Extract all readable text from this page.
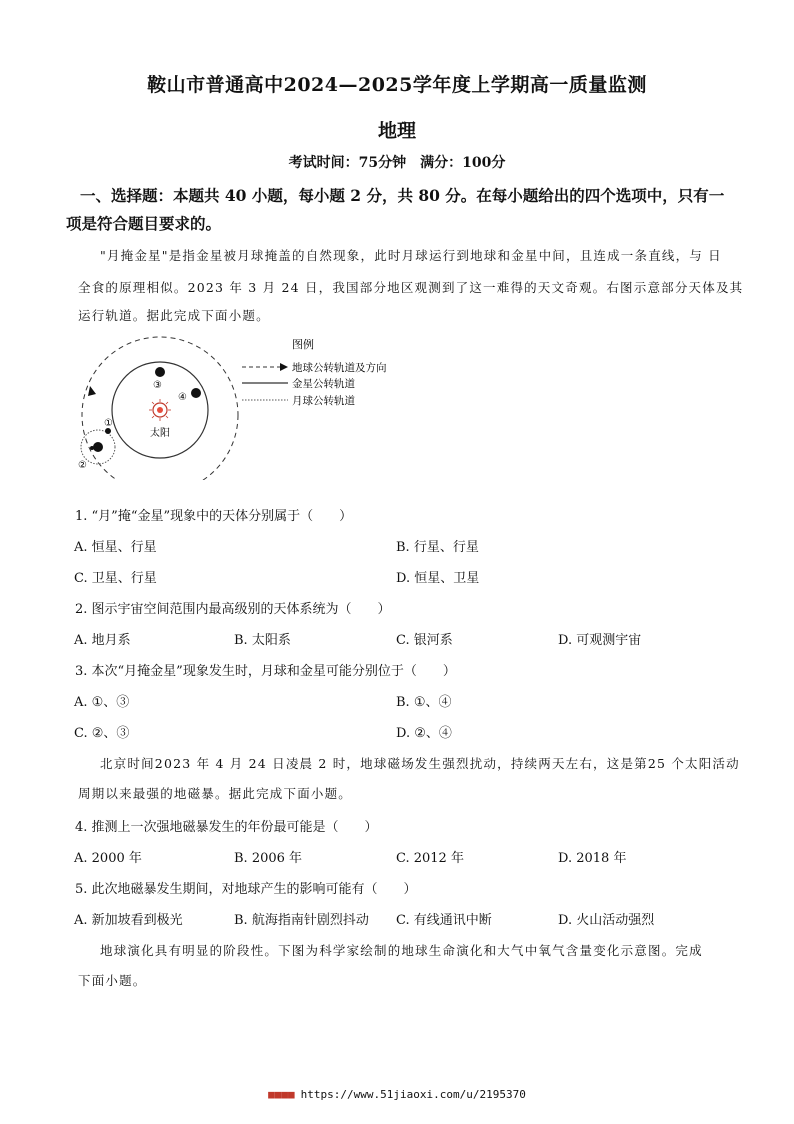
鞍山市普通高中2024—2025学年度上学期高一质量监测
地理
考试时间：75分钟　满分：100分
一、选择题：本题共 40 小题，每小题 2 分，共 80 分。在每小题给出的四个选项中，只有一
项是符合题目要求的。
"月掩金星"是指金星被月球掩盖的自然现象，此时月球运行到地球和金星中间，且连成一条直线，与 日
全食的原理相似。2023 年 3 月 24 日，我国部分地区观测到了这一难得的天文奇观。右图示意部分天体及其
运行轨道。据此完成下面小题。
太阳
③
④
①
②
图例
地球公转轨道及方向
金星公转轨道
月球公转轨道
1. “月”掩“金星”现象中的天体分别属于（　　）
A. 恒星、行星	B. 行星、行星
C. 卫星、行星	D. 恒星、卫星
2. 图示宇宙空间范围内最高级别的天体系统为（　　）
A. 地月系	B. 太阳系	C. 银河系	D. 可观测宇宙
3. 本次“月掩金星”现象发生时，月球和金星可能分别位于（　　）
A. ①、③	B. ①、④
C. ②、③	D. ②、④
北京时间2023 年 4 月 24 日凌晨 2 时，地球磁场发生强烈扰动，持续两天左右，这是第25 个太阳活动
周期以来最强的地磁暴。据此完成下面小题。
4. 推测上一次强地磁暴发生的年份最可能是（　　）
A. 2000 年	B. 2006 年	C. 2012 年	D. 2018 年
5. 此次地磁暴发生期间，对地球产生的影响可能有（　　）
A. 新加坡看到极光	B. 航海指南针剧烈抖动 C. 有线通讯中断	D. 火山活动强烈
地球演化具有明显的阶段性。下图为科学家绘制的地球生命演化和大气中氧气含量变化示意图。完成
下面小题。
■■■■ https://www.51jiaoxi.com/u/2195370
